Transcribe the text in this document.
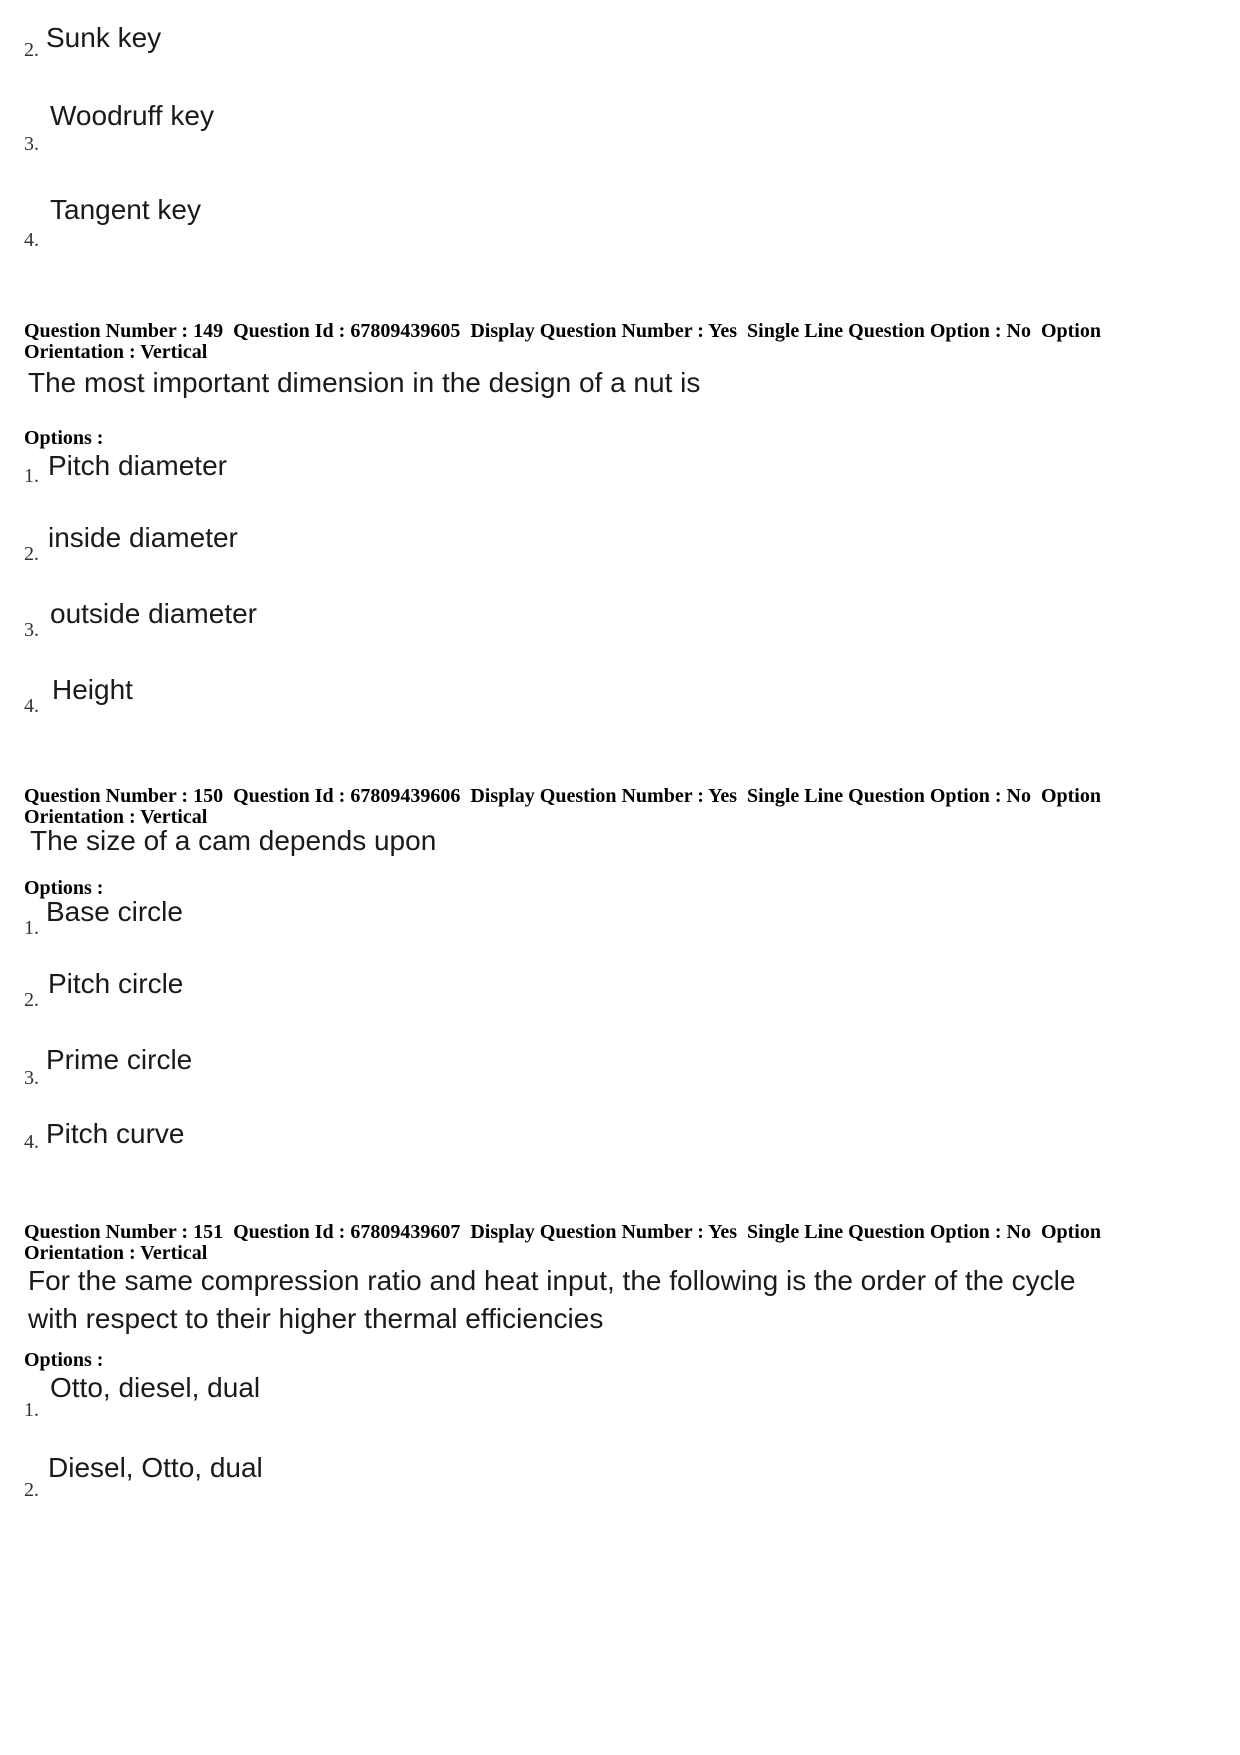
2. Sunk key
3.
Woodruff key
4.
Tangent key
Question Number : 149  Question Id : 67809439605  Display Question Number : Yes  Single Line Question Option : No  Option
Orientation : Vertical
The most important dimension in the design of a nut is
Options :
1. Pitch diameter
2.
inside diameter
3.
outside diameter
4.
Height
Question Number : 150  Question Id : 67809439606  Display Question Number : Yes  Single Line Question Option : No  Option
Orientation : Vertical
The size of a cam depends upon
Options :
1.
Base circle
2.
Pitch circle
3.
Prime circle
4. Pitch curve
Question Number : 151  Question Id : 67809439607  Display Question Number : Yes  Single Line Question Option : No  Option
Orientation : Vertical
For the same compression ratio and heat input, the following is the order of the cycle
with respect to their higher thermal efficiencies
Options :
1.
Otto, diesel, dual
2.
Diesel, Otto, dual
